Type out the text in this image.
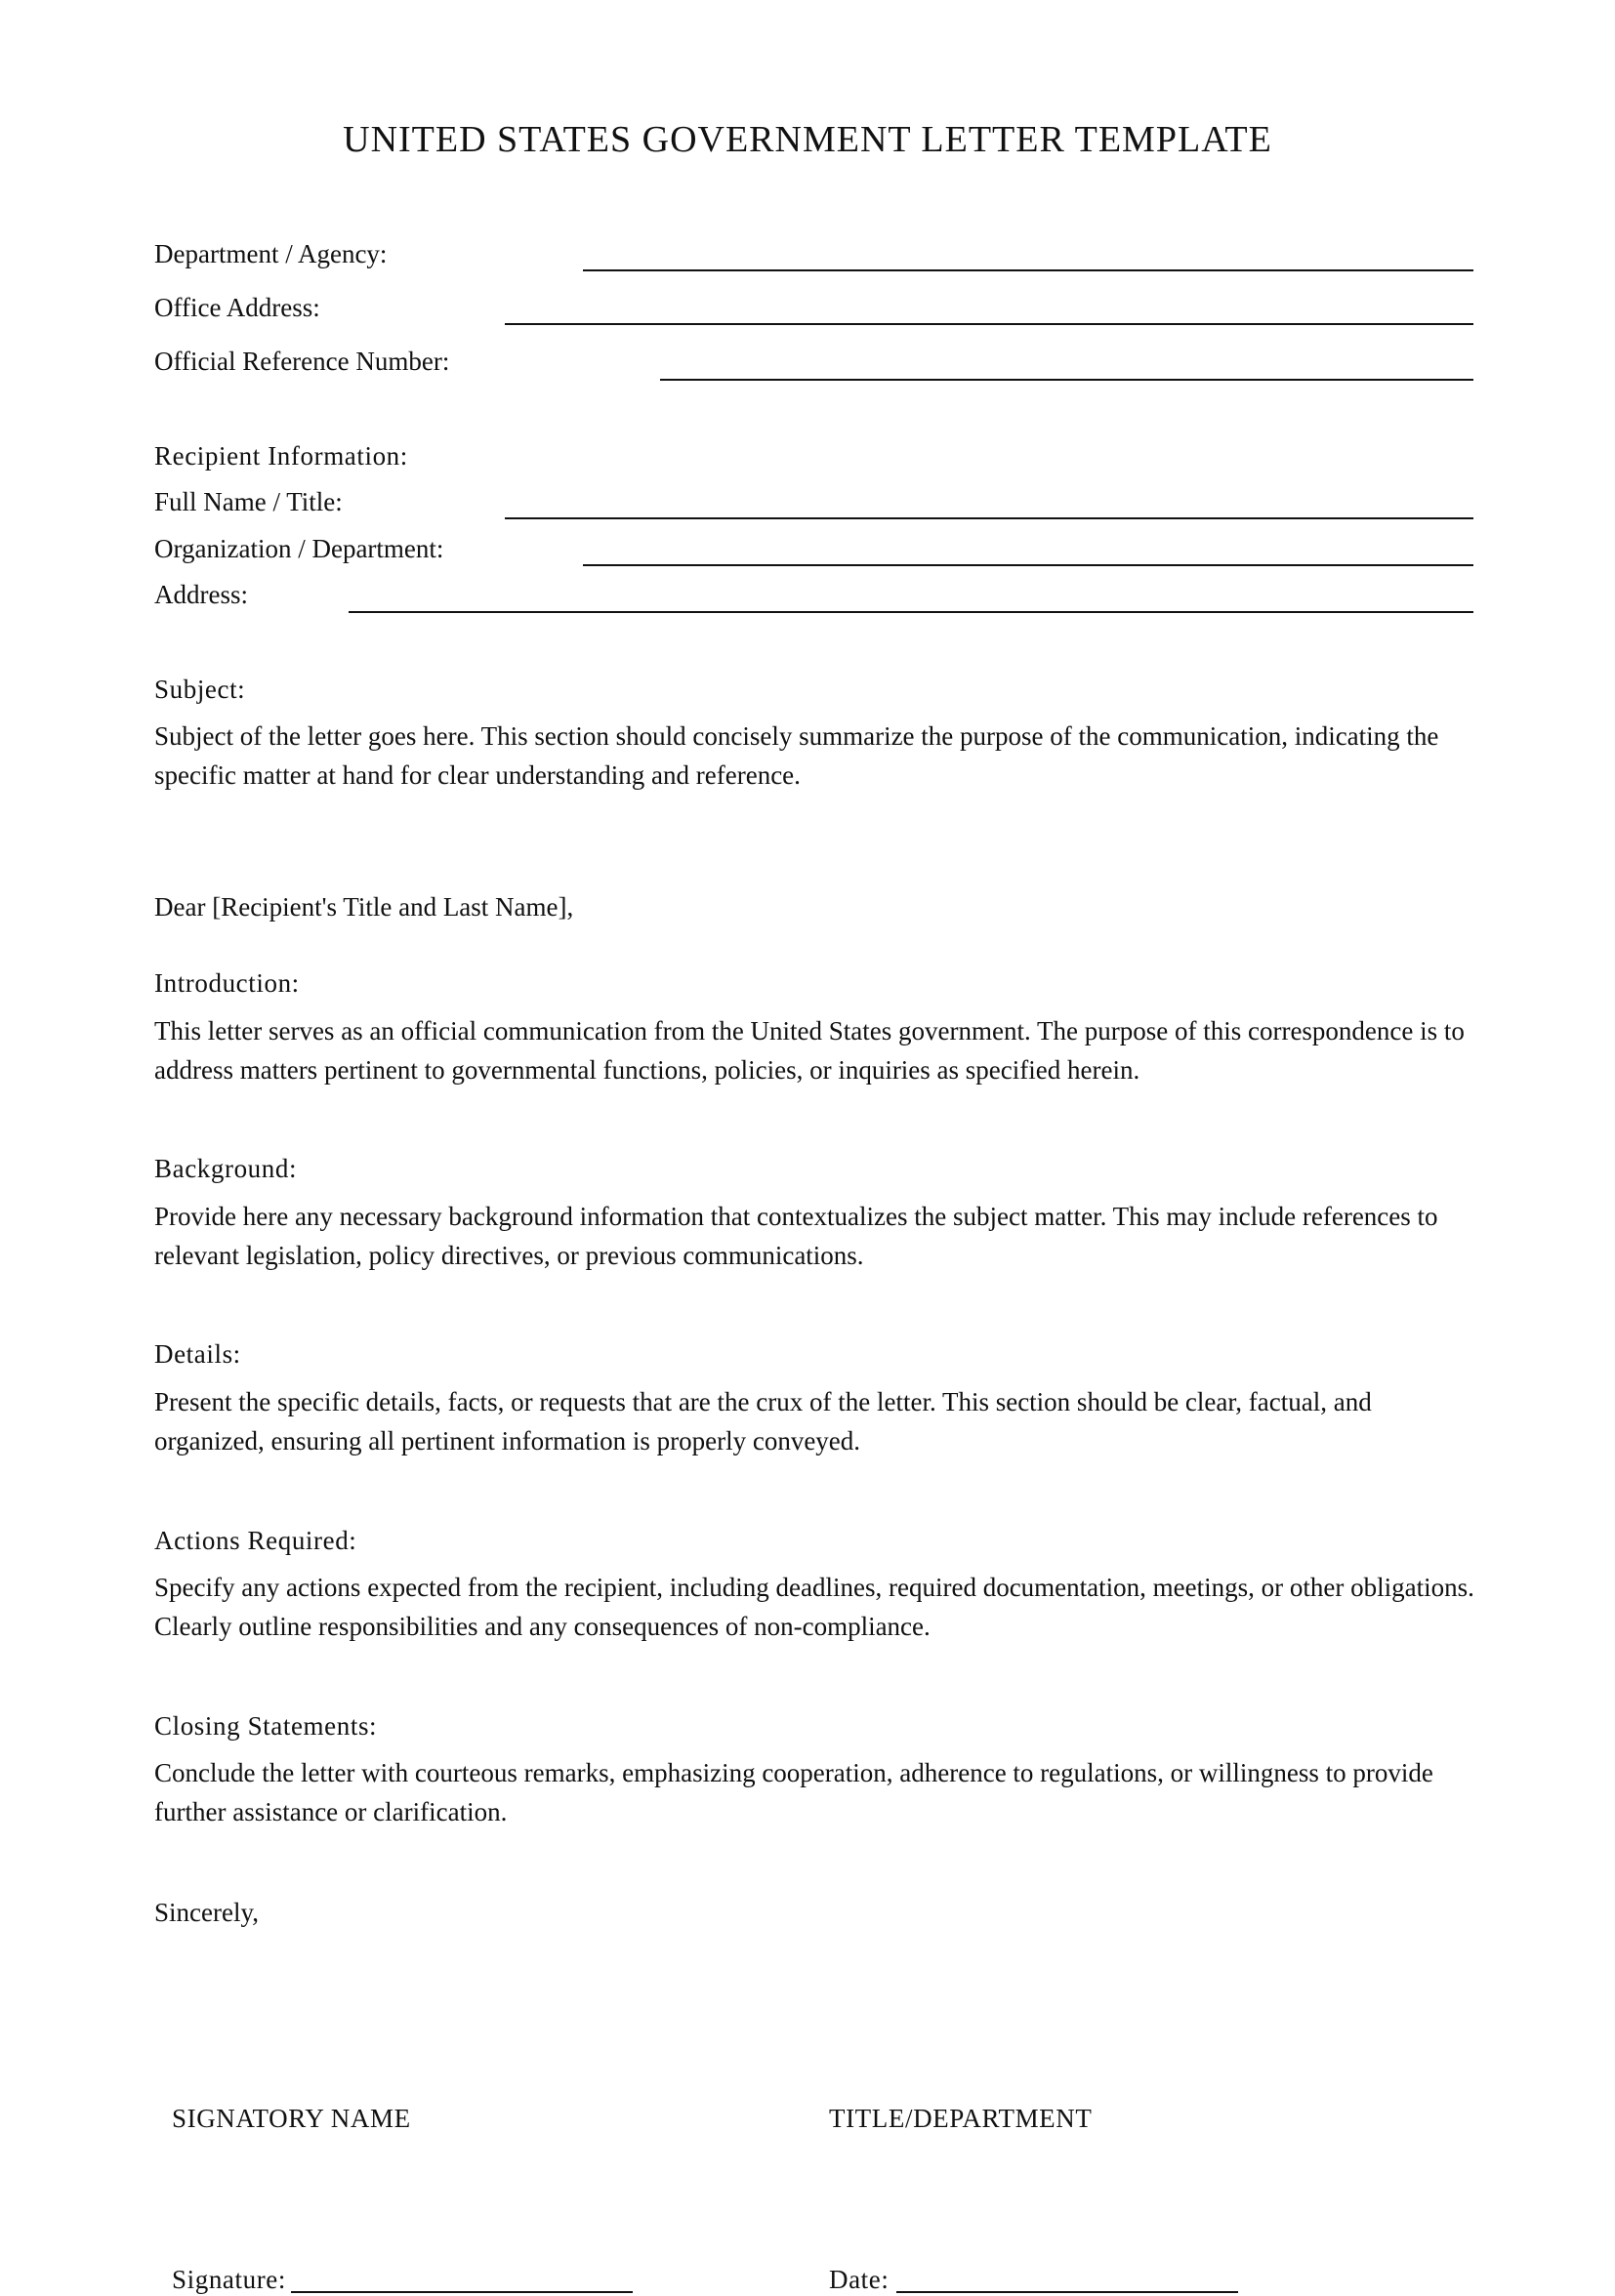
UNITED STATES GOVERNMENT LETTER TEMPLATE
Department / Agency:
Office Address:
Official Reference Number:
Recipient Information:
Full Name / Title:
Organization / Department:
Address:
Subject:
Subject of the letter goes here. This section should concisely summarize the purpose of the communication, indicating the specific matter at hand for clear understanding and reference.
Dear [Recipient's Title and Last Name],
Introduction:
This letter serves as an official communication from the United States government. The purpose of this correspondence is to address matters pertinent to governmental functions, policies, or inquiries as specified herein.
Background:
Provide here any necessary background information that contextualizes the subject matter. This may include references to relevant legislation, policy directives, or previous communications.
Details:
Present the specific details, facts, or requests that are the crux of the letter. This section should be clear, factual, and organized, ensuring all pertinent information is properly conveyed.
Actions Required:
Specify any actions expected from the recipient, including deadlines, required documentation, meetings, or other obligations. Clearly outline responsibilities and any consequences of non-compliance.
Closing Statements:
Conclude the letter with courteous remarks, emphasizing cooperation, adherence to regulations, or willingness to provide further assistance or clarification.
Sincerely,
SIGNATORY NAME	TITLE/DEPARTMENT
Signature:	Date:
